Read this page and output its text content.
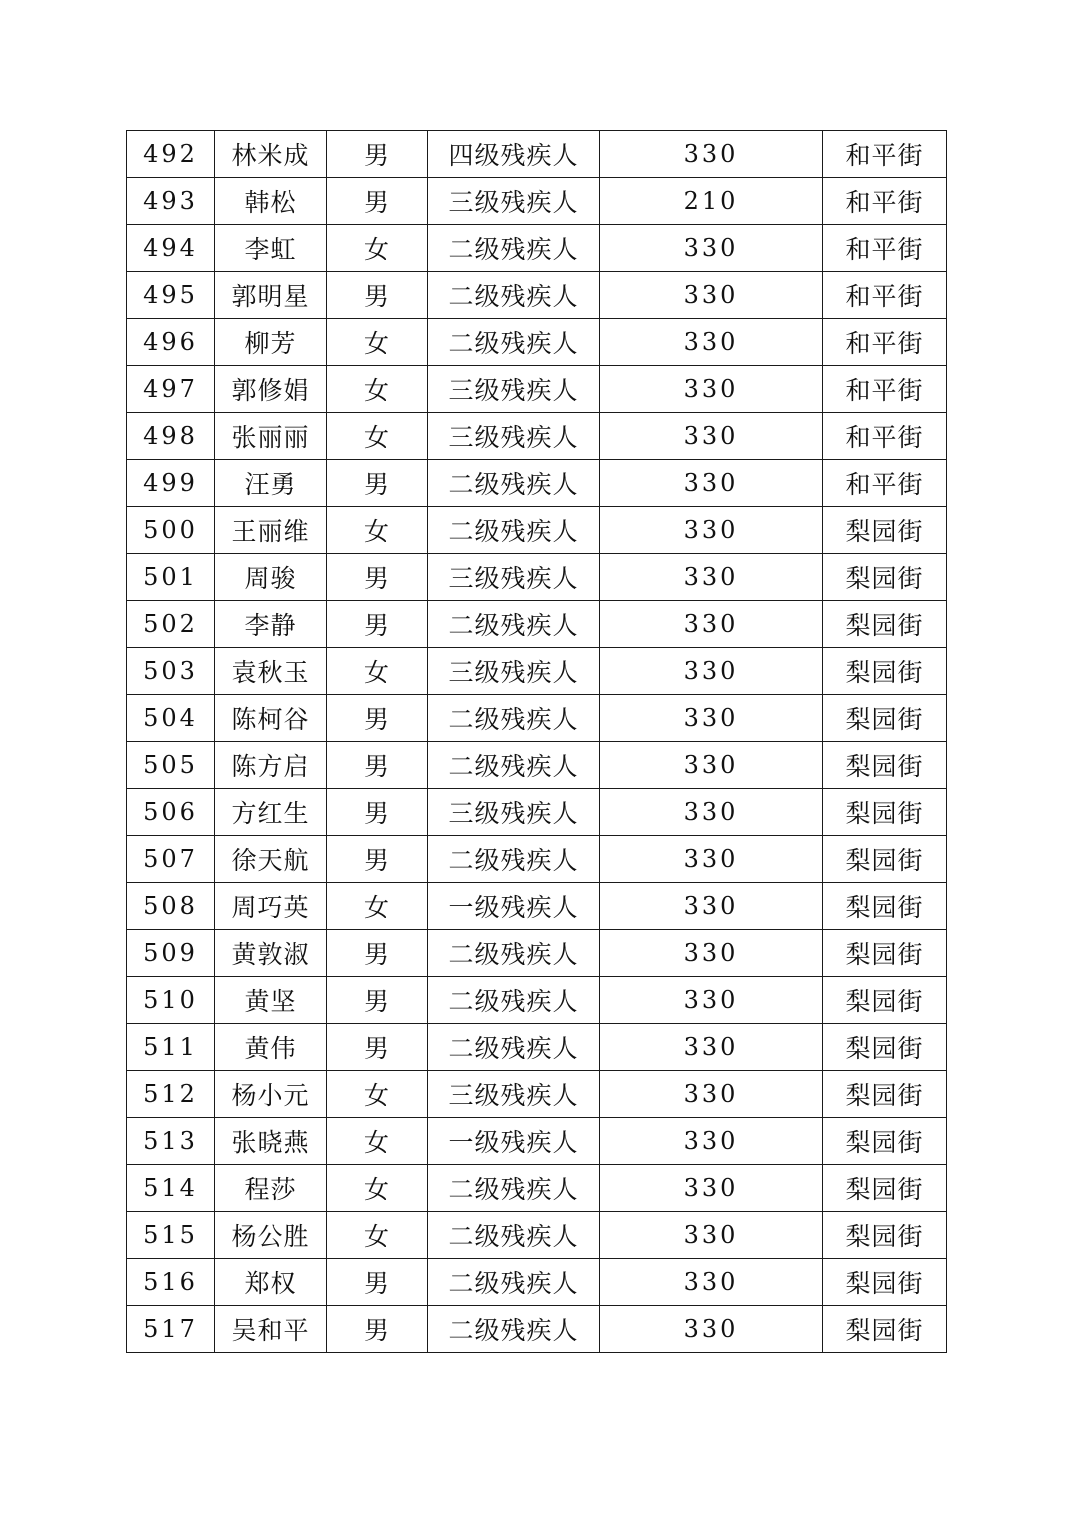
492	林米成	男	四级残疾人	330	和平街
493	韩松	男	三级残疾人	210	和平街
494	李虹	女	二级残疾人	330	和平街
495	郭明星	男	二级残疾人	330	和平街
496	柳芳	女	二级残疾人	330	和平街
497	郭修娟	女	三级残疾人	330	和平街
498	张丽丽	女	三级残疾人	330	和平街
499	汪勇	男	二级残疾人	330	和平街
500	王丽维	女	二级残疾人	330	梨园街
501	周骏	男	三级残疾人	330	梨园街
502	李静	男	二级残疾人	330	梨园街
503	袁秋玉	女	三级残疾人	330	梨园街
504	陈柯谷	男	二级残疾人	330	梨园街
505	陈方启	男	二级残疾人	330	梨园街
506	方红生	男	三级残疾人	330	梨园街
507	徐天航	男	二级残疾人	330	梨园街
508	周巧英	女	一级残疾人	330	梨园街
509	黄敦淑	男	二级残疾人	330	梨园街
510	黄坚	男	二级残疾人	330	梨园街
511	黄伟	男	二级残疾人	330	梨园街
512	杨小元	女	三级残疾人	330	梨园街
513	张晓燕	女	一级残疾人	330	梨园街
514	程莎	女	二级残疾人	330	梨园街
515	杨公胜	女	二级残疾人	330	梨园街
516	郑权	男	二级残疾人	330	梨园街
517	吴和平	男	二级残疾人	330	梨园街
